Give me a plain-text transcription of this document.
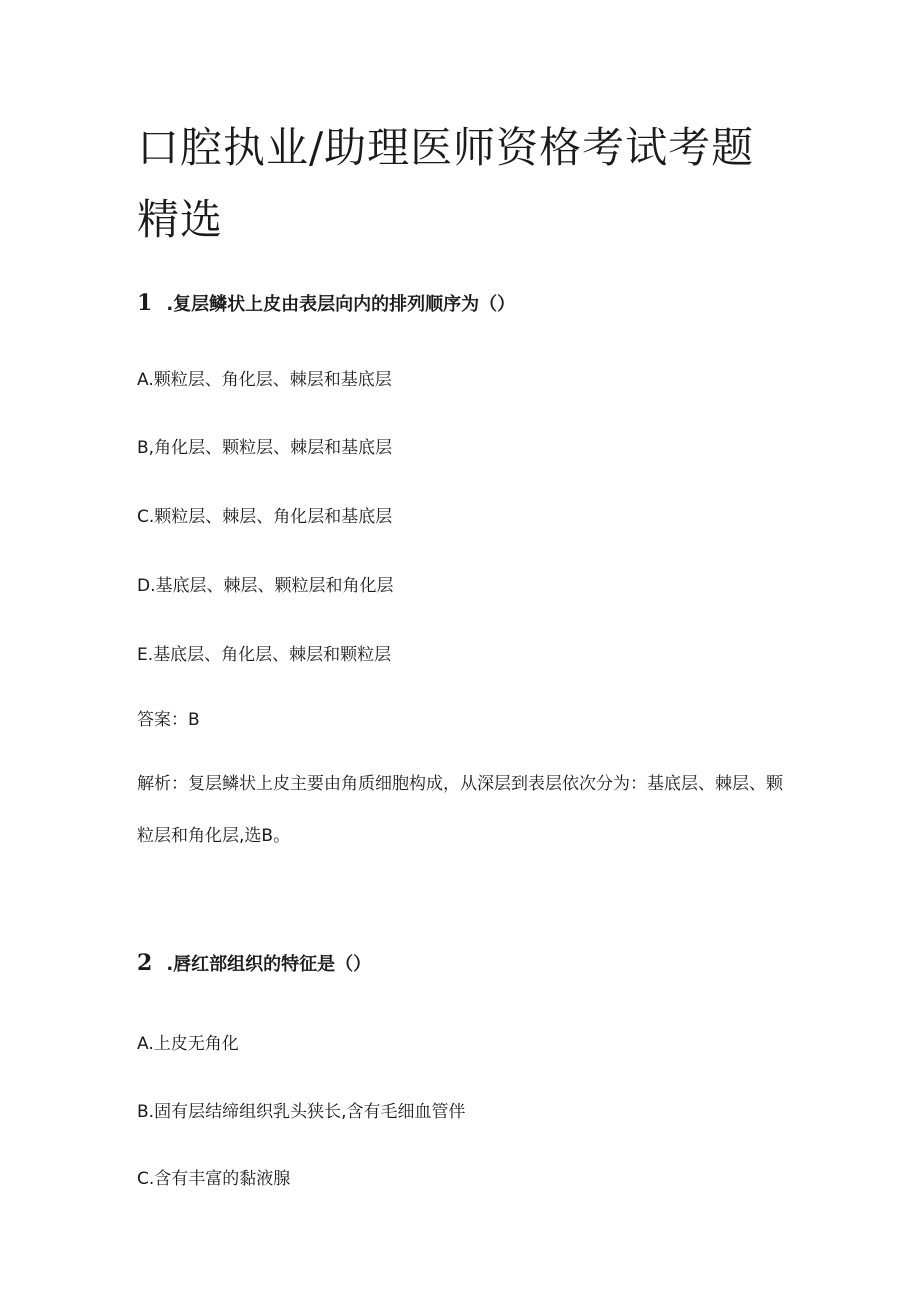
口腔执业/助理医师资格考试考题精选
1 .复层鳞状上皮由表层向内的排列顺序为（）

A.颗粒层、角化层、棘层和基底层

B,角化层、颗粒层、棘层和基底层

C.颗粒层、棘层、角化层和基底层

D.基底层、棘层、颗粒层和角化层

E.基底层、角化层、棘层和颗粒层

答案：B

解析：复层鳞状上皮主要由角质细胞构成，从深层到表层依次分为：基底层、棘层、颗粒层和角化层,选B。

2 .唇红部组织的特征是（）

A.上皮无角化

B.固有层结缔组织乳头狭长,含有毛细血管伴

C.含有丰富的黏液腺
